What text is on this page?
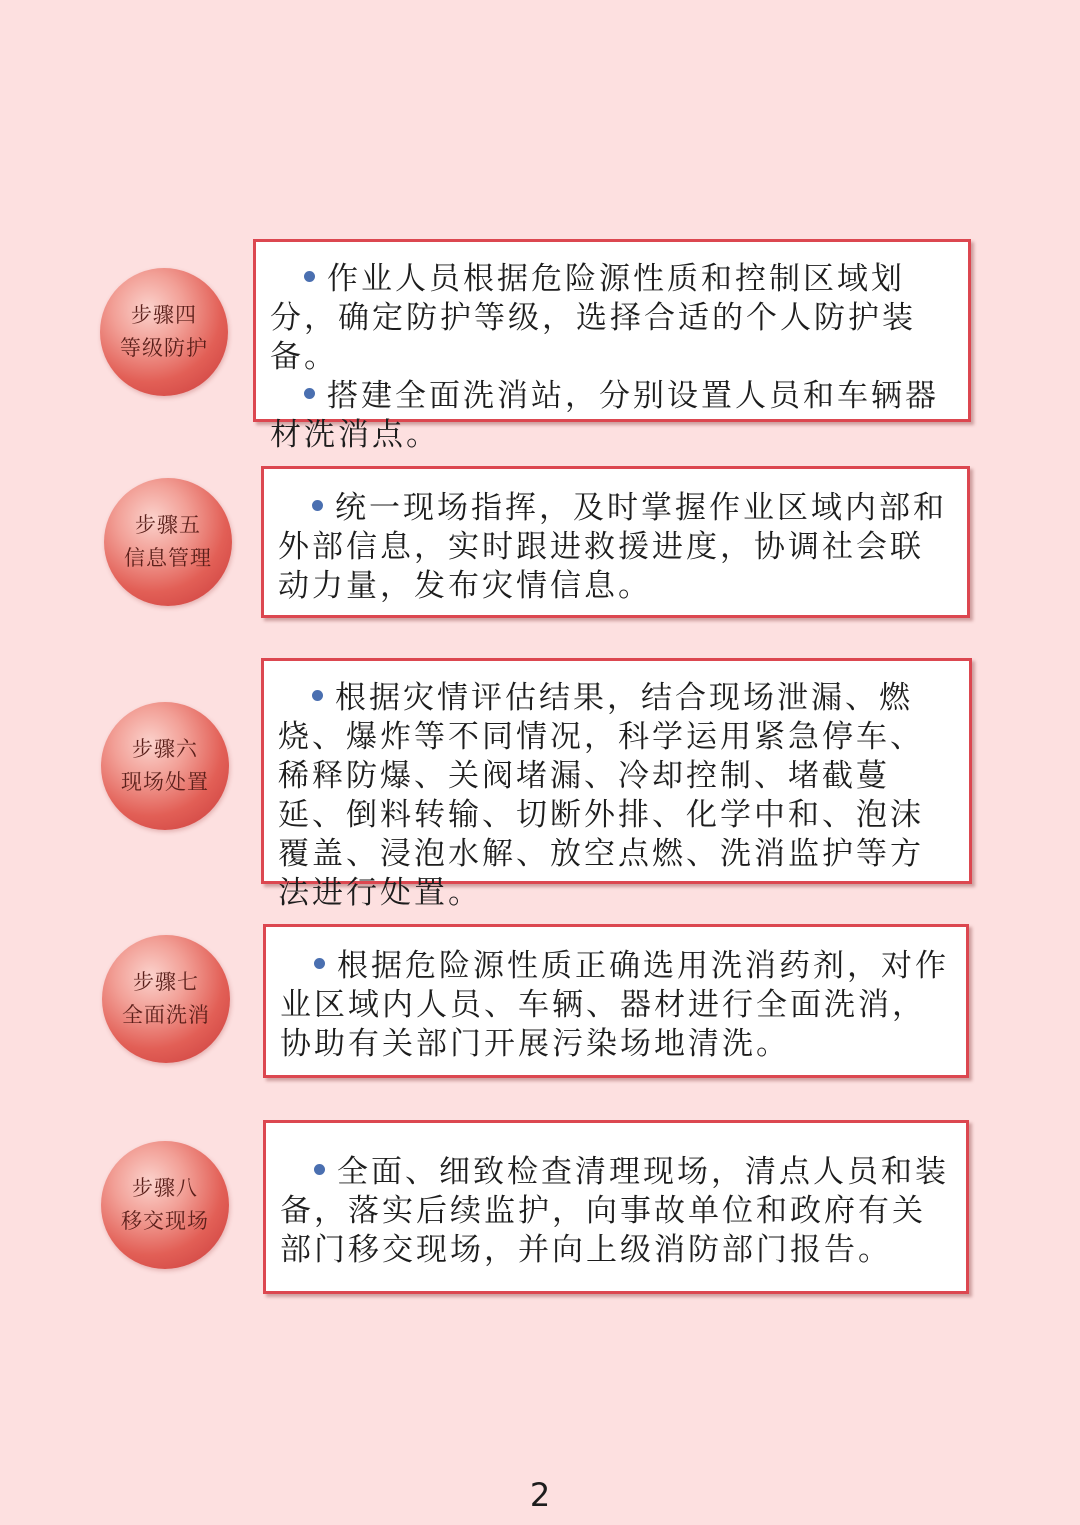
步骤四
等级防护

作业人员根据危险源性质和控制区域划分，确定防护等级，选择合适的个人防护装备。

搭建全面洗消站，分别设置人员和车辆器材洗消点。

步骤五
信息管理

统一现场指挥，及时掌握作业区域内部和外部信息，实时跟进救援进度，协调社会联动力量，发布灾情信息。

步骤六
现场处置

根据灾情评估结果，结合现场泄漏、燃烧、爆炸等不同情况，科学运用紧急停车、稀释防爆、关阀堵漏、冷却控制、堵截蔓延、倒料转输、切断外排、化学中和、泡沫覆盖、浸泡水解、放空点燃、洗消监护等方法进行处置。

步骤七
全面洗消

根据危险源性质正确选用洗消药剂，对作业区域内人员、车辆、器材进行全面洗消，协助有关部门开展污染场地清洗。

步骤八
移交现场

全面、细致检查清理现场，清点人员和装备，落实后续监护，向事故单位和政府有关部门移交现场，并向上级消防部门报告。

2
